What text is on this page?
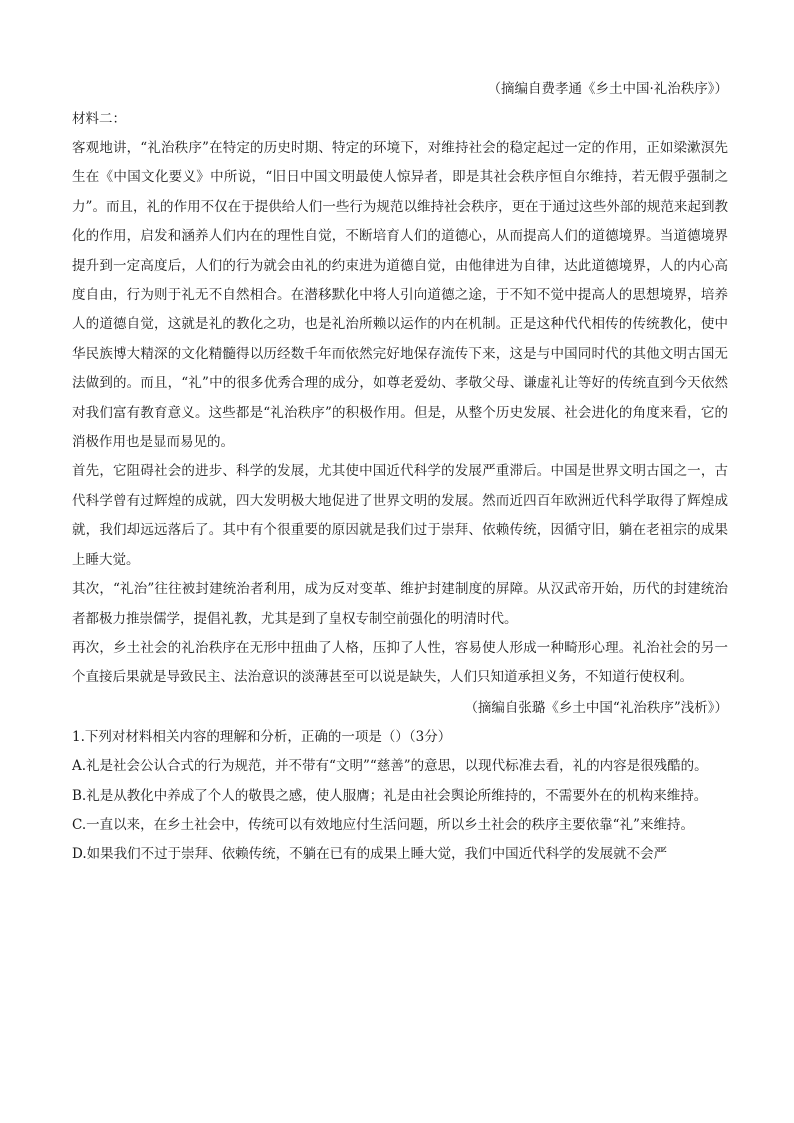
（摘编自费孝通《乡土中国·礼治秩序》）
材料二：

客观地讲，“礼治秩序”在特定的历史时期、特定的环境下，对维持社会的稳定起过一定的作用，正如梁漱溟先生在《中国文化要义》中所说，“旧日中国文明最使人惊异者，即是其社会秩序恒自尔维持，若无假乎强制之力”。而且，礼的作用不仅在于提供给人们一些行为规范以维持社会秩序，更在于通过这些外部的规范来起到教化的作用，启发和涵养人们内在的理性自觉，不断培育人们的道德心，从而提高人们的道德境界。当道德境界提升到一定高度后，人们的行为就会由礼的约束进为道德自觉，由他律进为自律，达此道德境界，人的内心高度自由，行为则于礼无不自然相合。在潜移默化中将人引向道德之途，于不知不觉中提高人的思想境界，培养人的道德自觉，这就是礼的教化之功，也是礼治所赖以运作的内在机制。正是这种代代相传的传统教化，使中华民族博大精深的文化精髓得以历经数千年而依然完好地保存流传下来，这是与中国同时代的其他文明古国无法做到的。而且，“礼”中的很多优秀合理的成分，如尊老爱幼、孝敬父母、谦虚礼让等好的传统直到今天依然对我们富有教育意义。这些都是“礼治秩序”的积极作用。但是，从整个历史发展、社会进化的角度来看，它的消极作用也是显而易见的。

首先，它阻碍社会的进步、科学的发展，尤其使中国近代科学的发展严重滞后。中国是世界文明古国之一，古代科学曾有过辉煌的成就，四大发明极大地促进了世界文明的发展。然而近四百年欧洲近代科学取得了辉煌成就，我们却远远落后了。其中有个很重要的原因就是我们过于崇拜、依赖传统，因循守旧，躺在老祖宗的成果上睡大觉。

其次，“礼治”往往被封建统治者利用，成为反对变革、维护封建制度的屏障。从汉武帝开始，历代的封建统治者都极力推崇儒学，提倡礼教，尤其是到了皇权专制空前强化的明清时代。

再次，乡土社会的礼治秩序在无形中扭曲了人格，压抑了人性，容易使人形成一种畸形心理。礼治社会的另一个直接后果就是导致民主、法治意识的淡薄甚至可以说是缺失，人们只知道承担义务，不知道行使权利。

（摘编自张璐《乡土中国“礼治秩序”浅析》）

1.下列对材料相关内容的理解和分析，正确的一项是（）（3分）

A.礼是社会公认合式的行为规范，并不带有“文明”“慈善”的意思，以现代标准去看，礼的内容是很残酷的。

B.礼是从教化中养成了个人的敬畏之感，使人服膺；礼是由社会舆论所维持的，不需要外在的机构来维持。

C.一直以来，在乡土社会中，传统可以有效地应付生活问题，所以乡土社会的秩序主要依靠“礼”来维持。

D.如果我们不过于崇拜、依赖传统，不躺在已有的成果上睡大觉，我们中国近代科学的发展就不会严
